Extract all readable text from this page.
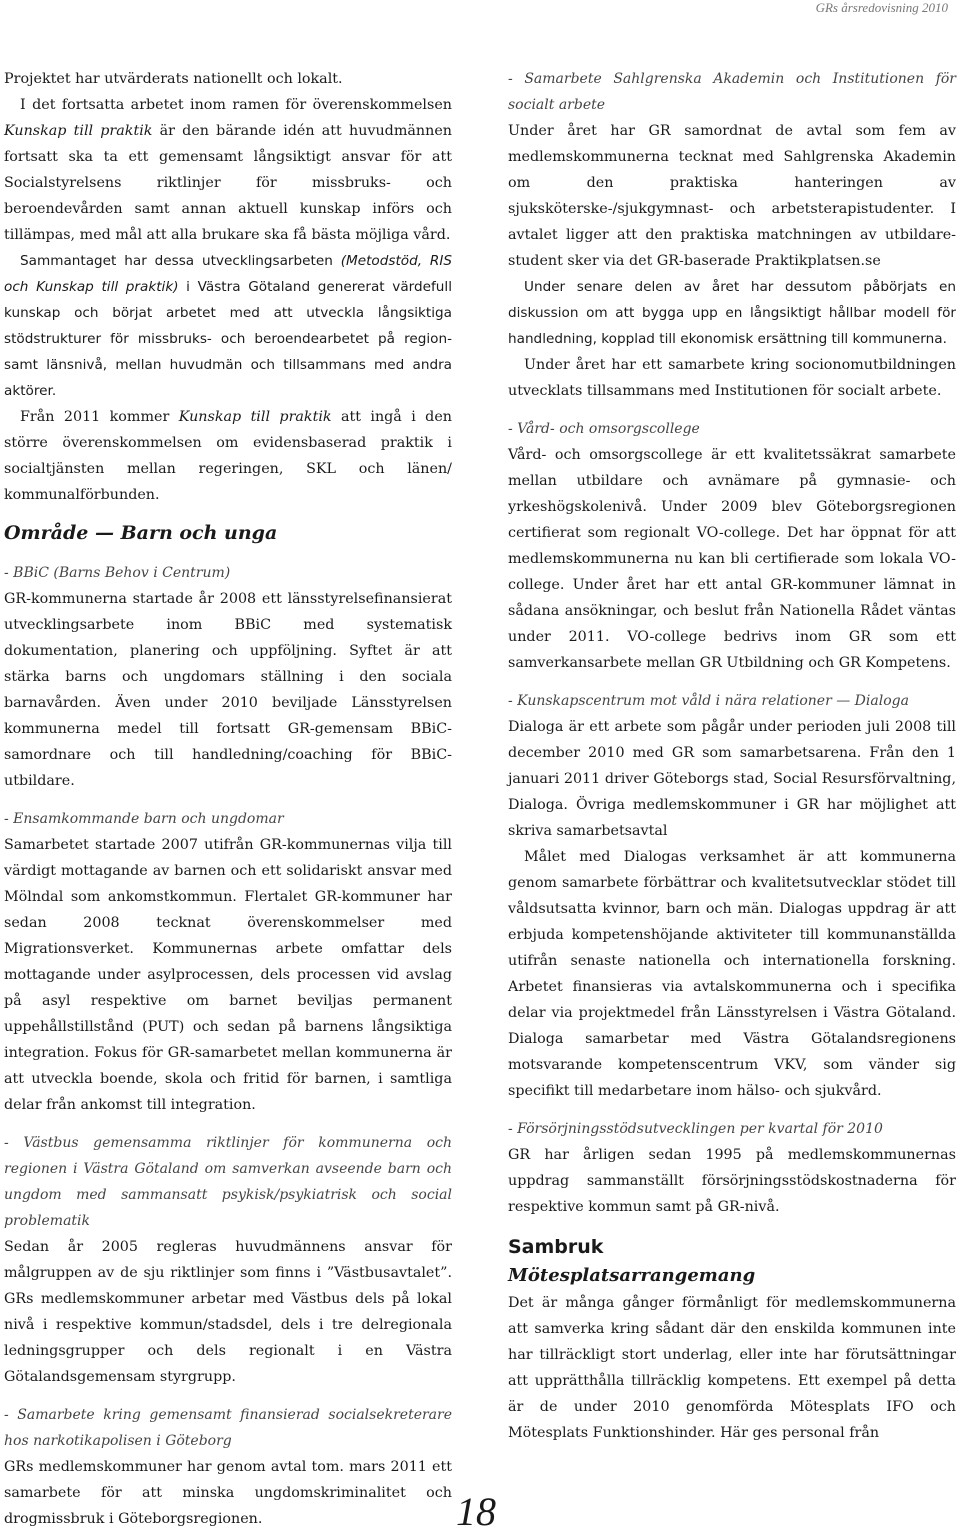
GRs årsredovisning 2010

Projektet har utvärderats nationellt och lokalt.

I det fortsatta arbetet inom ramen för överenskommelsen Kunskap till praktik är den bärande idén att huvudmännen fortsatt ska ta ett gemensamt långsiktigt ansvar för att Socialstyrelsens riktlinjer för missbruks- och beroendevården samt annan aktuell kunskap införs och tillämpas, med mål att alla brukare ska få bästa möjliga vård.

Sammantaget har dessa utvecklingsarbeten (Metodstöd, RIS och Kunskap till praktik) i Västra Götaland genererat värdefull kunskap och börjat arbetet med att utveckla långsiktiga stödstrukturer för missbruks- och beroendearbetet på region- samt länsnivå, mellan huvudmän och tillsammans med andra aktörer.

Från 2011 kommer Kunskap till praktik att ingå i den större överenskommelsen om evidensbaserad praktik i socialtjänsten mellan regeringen, SKL och länen/ kommunalförbunden.

Område — Barn och unga

- BBiC (Barns Behov i Centrum)

GR-kommunerna startade år 2008 ett länsstyrelsefinansierat utvecklingsarbete inom BBiC med systematisk dokumentation, planering och uppföljning. Syftet är att stärka barns och ungdomars ställning i den sociala barnavården. Även under 2010 beviljade Länsstyrelsen kommunerna medel till fortsatt GR-gemensam BBiC-samordnare och till handledning/coaching för BBiC-utbildare.

- Ensamkommande barn och ungdomar

Samarbetet startade 2007 utifrån GR-kommunernas vilja till värdigt mottagande av barnen och ett solidariskt ansvar med Mölndal som ankomstkommun. Flertalet GR-kommuner har sedan 2008 tecknat överenskommelser med Migrationsverket. Kommunernas arbete omfattar dels mottagande under asylprocessen, dels processen vid avslag på asyl respektive om barnet beviljas permanent uppehållstillstånd (PUT) och sedan på barnens långsiktiga integration. Fokus för GR-samarbetet mellan kommunerna är att utveckla boende, skola och fritid för barnen, i samtliga delar från ankomst till integration.

- Västbus gemensamma riktlinjer för kommunerna och regionen i Västra Götaland om samverkan avseende barn och ungdom med sammansatt psykisk/psykiatrisk och social problematik

Sedan år 2005 regleras huvudmännens ansvar för målgruppen av de sju riktlinjer som finns i ”Västbusavtalet”. GRs medlemskommuner arbetar med Västbus dels på lokal nivå i respektive kommun/stadsdel, dels i tre delregionala ledningsgrupper och dels regionalt i en Västra Götalandsgemensam styrgrupp.

- Samarbete kring gemensamt finansierad socialsekreterare hos narkotikapolisen i Göteborg

GRs medlemskommuner har genom avtal tom. mars 2011 ett samarbete för att minska ungdomskriminalitet och drogmissbruk i Göteborgsregionen.

- Samarbete Sahlgrenska Akademin och Institutionen för socialt arbete

Under året har GR samordnat de avtal som fem av medlemskommunerna tecknat med Sahlgrenska Akademin om den praktiska hanteringen av sjuksköterske-/sjukgymnast- och arbetsterapistudenter. I avtalet ligger att den praktiska matchningen av utbildare-student sker via det GR-baserade Praktikplatsen.se

Under senare delen av året har dessutom påbörjats en diskussion om att bygga upp en långsiktigt hållbar modell för handledning, kopplad till ekonomisk ersättning till kommunerna.

Under året har ett samarbete kring socionomutbildningen utvecklats tillsammans med Institutionen för socialt arbete.

- Vård- och omsorgscollege

Vård- och omsorgscollege är ett kvalitetssäkrat samarbete mellan utbildare och avnämare på gymnasie- och yrkeshögskolenivå. Under 2009 blev Göteborgsregionen certifierat som regionalt VO-college. Det har öppnat för att medlemskommunerna nu kan bli certifierade som lokala VO-college. Under året har ett antal GR-kommuner lämnat in sådana ansökningar, och beslut från Nationella Rådet väntas under 2011. VO-college bedrivs inom GR som ett samverkansarbete mellan GR Utbildning och GR Kompetens.

- Kunskapscentrum mot våld i nära relationer — Dialoga

Dialoga är ett arbete som pågår under perioden juli 2008 till december 2010 med GR som samarbetsarena. Från den 1 januari 2011 driver Göteborgs stad, Social Resursförvaltning, Dialoga. Övriga medlemskommuner i GR har möjlighet att skriva samarbetsavtal

Målet med Dialogas verksamhet är att kommunerna genom samarbete förbättrar och kvalitetsutvecklar stödet till våldsutsatta kvinnor, barn och män. Dialogas uppdrag är att erbjuda kompetenshöjande aktiviteter till kommunanställda utifrån senaste nationella och internationella forskning. Arbetet finansieras via avtalskommunerna och i specifika delar via projektmedel från Länsstyrelsen i Västra Götaland. Dialoga samarbetar med Västra Götalandsregionens motsvarande kompetenscentrum VKV, som vänder sig specifikt till medarbetare inom hälso- och sjukvård.

- Försörjningsstödsutvecklingen per kvartal för 2010

GR har årligen sedan 1995 på medlemskommunernas uppdrag sammanställt försörjningsstödskostnaderna för respektive kommun samt på GR-nivå.

Sambruk

Mötesplatsarrangemang

Det är många gånger förmånligt för medlemskommunerna att samverka kring sådant där den enskilda kommunen inte har tillräckligt stort underlag, eller inte har förutsättningar att upprätthålla tillräcklig kompetens. Ett exempel på detta är de under 2010 genomförda Mötesplats IFO och Mötesplats Funktionshinder. Här ges personal från

18
